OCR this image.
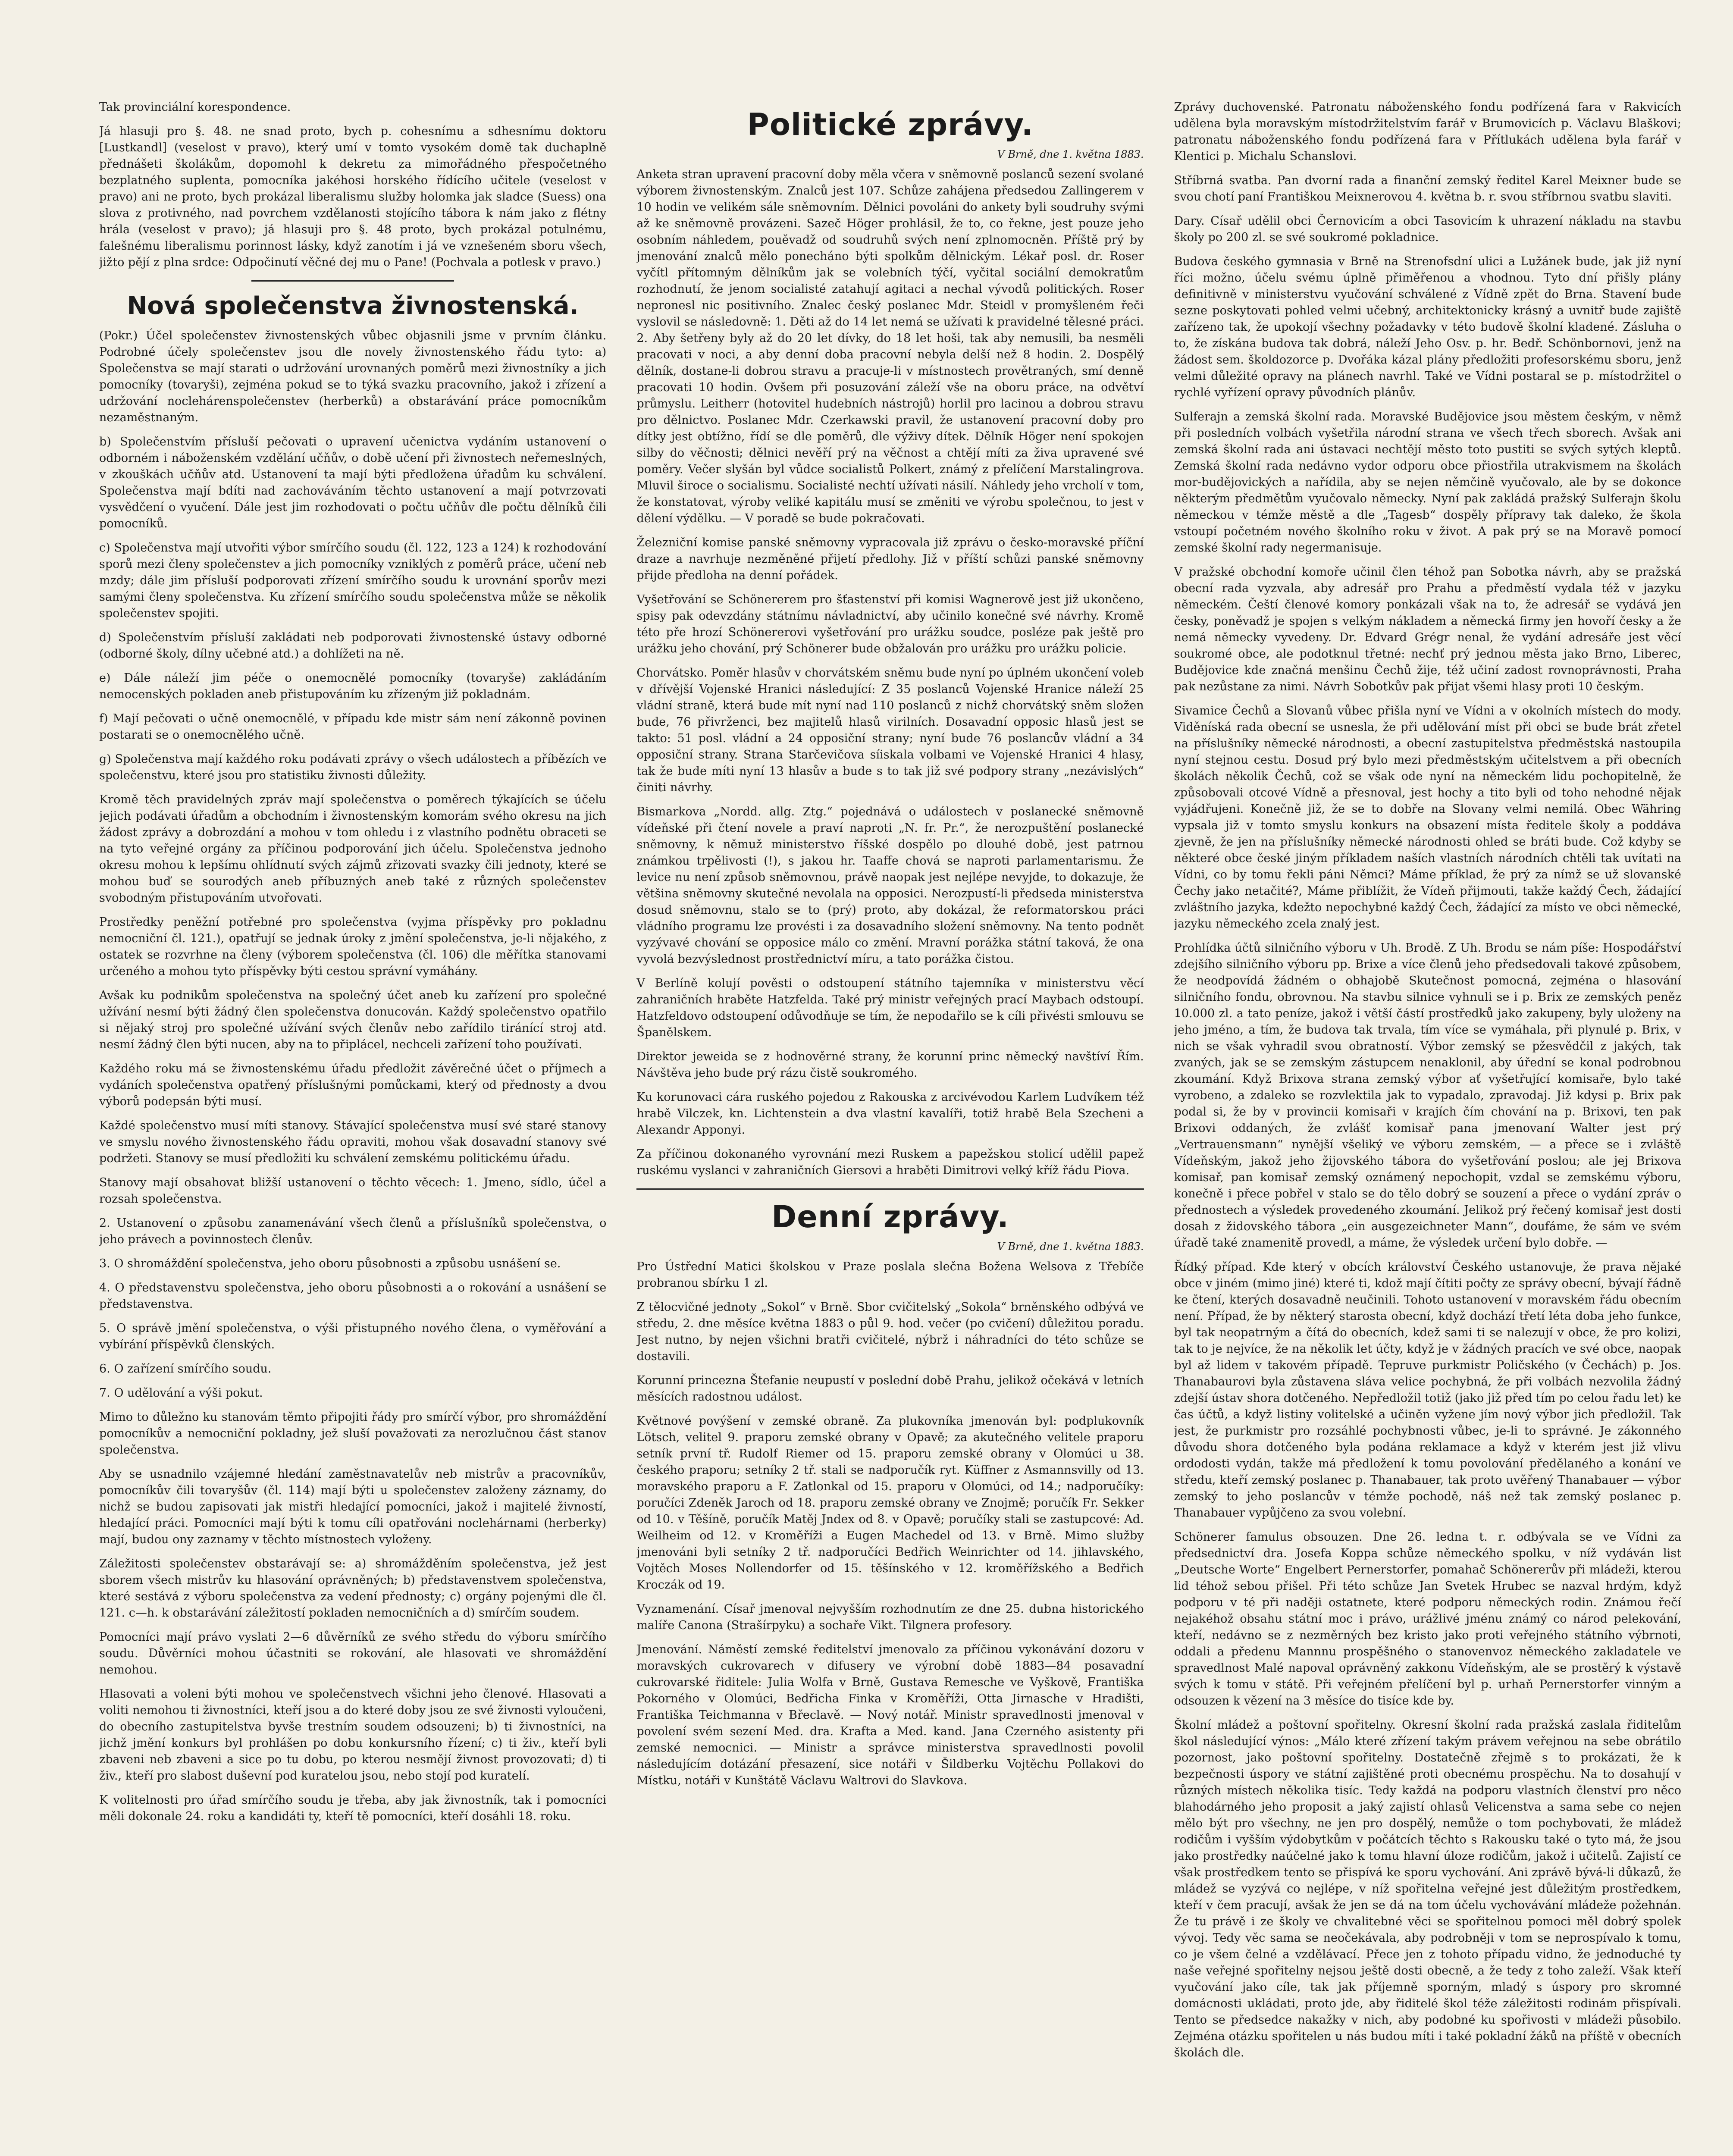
Tak provinciální korespondence.

Já hlasuji pro §. 48. ne snad proto, bych p. cohesnímu a sdhesnímu doktoru [Lustkandl] (veselost v pravo), který umí v tomto vysokém domě tak duchaplně přednášeti školákům, dopomohl k dekretu za mimořádného přespočetného bezplatného suplenta, pomocníka jakéhosi horského řídícího učitele (veselost v pravo) ani ne proto, bych prokázal liberalismu služby holomka jak sladce (Suess) ona slova z protivného, nad povrchem vzdělanosti stojícího tábora k nám jako z flétny hrála (veselost v pravo); já hlasuji pro §. 48 proto, bych prokázal potulnému, falešnému liberalismu porinnost lásky, když zanotím i já ve vznešeném sboru všech, jižto pějí z plna srdce: Odpočinutí věčné dej mu o Pane! (Pochvala a potlesk v pravo.)

Nová společenstva živnostenská.

(Pokr.) Účel společenstev živnostenských vůbec objasnili jsme v prvním článku. Podrobné účely společenstev jsou dle novely živnostenského řádu tyto: a) Společenstva se mají starati o udržování urovnaných poměrů mezi živnostníky a jich pomocníky (tovaryši), zejména pokud se to týká svazku pracovního, jakož i zřízení a udržování noclehárenspolečenstev (herberků) a obstarávání práce pomocníkům nezaměstnaným.

b) Společenstvím přísluší pečovati o upravení učenictva vydáním ustanovení o odborném i náboženském vzdělání učňův, o době učení při živnostech neřemeslných, v zkouškách učňův atd. Ustanovení ta mají býti předložena úřadům ku schválení. Společenstva mají bdíti nad zachováváním těchto ustanovení a mají potvrzovati vysvědčení o vyučení. Dále jest jim rozhodovati o počtu učňův dle počtu dělníků čili pomocníků.

c) Společenstva mají utvořiti výbor smírčího soudu (čl. 122, 123 a 124) k rozhodování sporů mezi členy společenstev a jich pomocníky vzniklých z poměrů práce, učení neb mzdy; dále jim přísluší podporovati zřízení smírčího soudu k urovnání sporův mezi samými členy společenstva. Ku zřízení smírčího soudu společenstva může se několik společenstev spojiti.

d) Společenstvím přísluší zakládati neb podporovati živnostenské ústavy odborné (odborné školy, dílny učebné atd.) a dohlížeti na ně.

e) Dále náleží jim péče o onemocnělé pomocníky (tovaryše) zakládáním nemocenských pokladen aneb přistupováním ku zřízeným již pokladnám.

f) Mají pečovati o učně onemocnělé, v případu kde mistr sám není zákonně povinen postarati se o onemocnělého učně.

g) Společenstva mají každého roku podávati zprávy o všech událostech a příbězích ve společenstvu, které jsou pro statistiku živnosti důležity.

Kromě těch pravidelných zpráv mají společenstva o poměrech týkajících se účelu jejich podávati úřadům a obchodním i živnostenským komorám svého okresu na jich žádost zprávy a dobrozdání a mohou v tom ohledu i z vlastního podnětu obraceti se na tyto veřejné orgány za příčinou podporování jich účelu. Společenstva jednoho okresu mohou k lepšímu ohlídnutí svých zájmů zřizovati svazky čili jednoty, které se mohou buď se sourodých aneb příbuzných aneb také z různých společenstev svobodným přistupováním utvořovati.

Prostředky peněžní potřebné pro společenstva (vyjma příspěvky pro pokladnu nemocniční čl. 121.), opatřují se jednak úroky z jmění společenstva, je-li nějakého, z ostatek se rozvrhne na členy (výborem společenstva (čl. 106) dle měřítka stanovami určeného a mohou tyto příspěvky býti cestou správní vymáhány.

Avšak ku podnikům společenstva na společný účet aneb ku zařízení pro společné užívání nesmí býti žádný člen společenstva donucován. Každý společenstvo opatřilo si nějaký stroj pro společné užívání svých členův nebo zařídilo tiránící stroj atd. nesmí žádný člen býti nucen, aby na to připlácel, nechceli zařízení toho používati.

Každého roku má se živnostenskému úřadu předložit závěrečné účet o příjmech a vydáních společenstva opatřený příslušnými pomůckami, který od přednosty a dvou výborů podepsán býti musí.

Každé společenstvo musí míti stanovy. Stávající společenstva musí své staré stanovy ve smyslu nového živnostenského řádu opraviti, mohou však dosavadní stanovy své podržeti. Stanovy se musí předložiti ku schválení zemskému politickému úřadu.

Stanovy mají obsahovat bližší ustanovení o těchto věcech: 1. Jmeno, sídlo, účel a rozsah společenstva.

2. Ustanovení o způsobu zanamenávání všech členů a příslušníků společenstva, o jeho právech a povinnostech členův.

3. O shromáždění společenstva, jeho oboru působnosti a způsobu usnášení se.

4. O představenstvu společenstva, jeho oboru působnosti a o rokování a usnášení se představenstva.

5. O správě jmění společenstva, o výši přistupného nového člena, o vyměřování a vybírání příspěvků členských.

6. O zařízení smírčího soudu.

7. O udělování a výši pokut.

Mimo to důležno ku stanovám těmto připojiti řády pro smírčí výbor, pro shromáždění pomocníkův a nemocniční pokladny, jež sluší považovati za nerozlučnou část stanov společenstva.

Aby se usnadnilo vzájemné hledání zaměstnavatelův neb mistrův a pracovníkův, pomocníkův čili tovaryšův (čl. 114) mají býti u společenstev založeny záznamy, do nichž se budou zapisovati jak mistři hledající pomocníci, jakož i majitelé živností, hledající práci. Pomocníci mají býti k tomu cíli opatřováni noclehárnami (herberky) mají, budou ony zaznamy v těchto místnostech vyloženy.

Záležitosti společenstev obstarávají se: a) shromážděním společenstva, jež jest sborem všech mistrův ku hlasování oprávněných; b) představenstvem společenstva, které sestává z výboru společenstva za vedení přednosty; c) orgány pojenými dle čl. 121. c—h. k obstarávání záležitostí pokladen nemocničních a d) smírčím soudem.

Pomocníci mají právo vyslati 2—6 důvěrníků ze svého středu do výboru smírčího soudu. Důvěrníci mohou účastniti se rokování, ale hlasovati ve shromáždění nemohou.

Hlasovati a voleni býti mohou ve společenstvech všichni jeho členové. Hlasovati a voliti nemohou ti živnostníci, kteří jsou a do které doby jsou ze své živnosti vyloučeni, do obecního zastupitelstva byvše trestním soudem odsouzeni; b) ti živnostníci, na jichž jmění konkurs byl prohlášen po dobu konkursního řízení; c) ti živ., kteří byli zbaveni neb zbaveni a sice po tu dobu, po kterou nesmějí živnost provozovati; d) ti živ., kteří pro slabost duševní pod kuratelou jsou, nebo stojí pod kuratelí.

K volitelnosti pro úřad smírčího soudu je třeba, aby jak živnostník, tak i pomocníci měli dokonale 24. roku a kandidáti ty, kteří tě pomocníci, kteří dosáhli 18. roku.

Politické zprávy.
V Brně, dne 1. května 1883.

Anketa stran upravení pracovní doby měla včera v sněmovně poslanců sezení svolané výborem živnostenským. Znalců jest 107. Schůze zahájena předsedou Zallingerem v 10 hodin ve velikém sále sněmovním. Dělnici povoláni do ankety byli soudruhy svými až ke sněmovně provázeni. Sazeč Höger prohlásil, že to, co řekne, jest pouze jeho osobním náhledem, pouěvadž od soudruhů svých není zplnomocněn. Příště prý by jmenování znalců mělo ponecháno býti spolkům dělnickým. Lékař posl. dr. Roser vyčítl přítomným dělníkům jak se volebních týčí, vyčital sociální demokratům rozhodnutí, že jenom socialisté zatahují agitaci a nechal vývodů politických. Roser nepronesl nic positivního. Znalec český poslanec Mdr. Steidl v promyšleném řeči vyslovil se následovně: 1. Děti až do 14 let nemá se užívati k pravidelné tělesné práci. 2. Aby šetřeny byly až do 20 let dívky, do 18 let hoši, tak aby nemusili, ba nesměli pracovati v noci, a aby denní doba pracovní nebyla delší než 8 hodin. 2. Dospělý dělník, dostane-li dobrou stravu a pracuje-li v místnostech provětraných, smí denně pracovati 10 hodin. Ovšem při posuzování záleží vše na oboru práce, na odvětví průmyslu. Leitherr (hotovitel hudebních nástrojů) horlil pro lacinou a dobrou stravu pro dělnictvo. Poslanec Mdr. Czerkawski pravil, že ustanovení pracovní doby pro dítky jest obtížno, řídí se dle poměrů, dle výživy dítek. Dělník Höger není spokojen silby do věčnosti; dělnici nevěří prý na věčnost a chtějí míti za živa upravené své poměry. Večer slyšán byl vůdce socialistů Polkert, známý z přelíčení Marstalingrova. Mluvil široce o socialismu. Socialisté nechtí užívati násilí. Náhledy jeho vrcholí v tom, že konstatovat, výroby veliké kapitálu musí se změniti ve výrobu společnou, to jest v dělení výdělku. — V poradě se bude pokračovati.

Železniční komise panské sněmovny vypracovala již zprávu o česko-moravské příční draze a navrhuje nezměněné přijetí předlohy. Již v příští schůzi panské sněmovny přijde předloha na denní pořádek.

Vyšetřování se Schönererem pro šťastenství při komisi Wagnerově jest již ukončeno, spisy pak odevzdány státnímu návladnictví, aby učinilo konečné své návrhy. Kromě této pře hrozí Schönererovi vyšetřování pro urážku soudce, posléze pak ještě pro urážku jeho chování, prý Schönerer bude obžalován pro urážku pro urážku policie.

Chorvátsko. Poměr hlasův v chorvátském sněmu bude nyní po úplném ukončení voleb v dřívější Vojenské Hranici následující: Z 35 poslanců Vojenské Hranice náleží 25 vládní straně, která bude mít nyní nad 110 poslanců z nichž chorvátský sněm složen bude, 76 přivrženci, bez majitelů hlasů virilních. Dosavadní opposic hlasů jest se takto: 51 posl. vládní a 24 opposiční strany; nyní bude 76 poslancův vládní a 34 opposiční strany. Strana Starčevičova síiskala volbami ve Vojenské Hranici 4 hlasy, tak že bude míti nyní 13 hlasův a bude s to tak již své podpory strany „nezávislých“ činiti návrhy.

Bismarkova „Nordd. allg. Ztg.“ pojednává o událostech v poslanecké sněmovně vídeňské při čtení novele a praví naproti „N. fr. Pr.“, že nerozpuštění poslanecké sněmovny, k němuž ministerstvo říšské dospělo po dlouhé době, jest patrnou známkou trpělivosti (!), s jakou hr. Taaffe chová se naproti parlamentarismu. Že levice nu není způsob sněmovnou, právě naopak jest nejlépe nevyjde, to dokazuje, že většina sněmovny skutečné nevolala na opposici. Nerozpustí-li předseda ministerstva dosud sněmovnu, stalo se to (prý) proto, aby dokázal, že reformatorskou práci vládního programu lze provésti i za dosavadního složení sněmovny. Na tento podnět vyzývavé chování se opposice málo co změní. Mravní porážka státní taková, že ona vyvolá bezvýslednost prostřednictví míru, a tato porážka čistou.

V Berlíně kolují pověsti o odstoupení státního tajemníka v ministerstvu věcí zahraničních hraběte Hatzfelda. Také prý ministr veřejných prací Maybach odstoupí. Hatzfeldovo odstoupení odůvodňuje se tím, že nepodařilo se k cíli přivésti smlouvu se Španělskem.

Direktor jeweida se z hodnověrné strany, že korunní princ německý navštíví Řím. Návštěva jeho bude prý rázu čistě soukromého.

Ku korunovaci cára ruského pojedou z Rakouska z arcivévodou Karlem Ludvíkem též hrabě Vilczek, kn. Lichtenstein a dva vlastní kavalíři, totiž hrabě Bela Szecheni a Alexandr Apponyi.

Za příčinou dokonaného vyrovnání mezi Ruskem a papežskou stolicí udělil papež ruskému vyslanci v zahraničních Giersovi a hraběti Dimitrovi velký kříž řádu Piova.

Denní zprávy.
V Brně, dne 1. května 1883.

Pro Ústřední Matici školskou v Praze poslala slečna Božena Welsova z Třebíče probranou sbírku 1 zl.

Z tělocvičné jednoty „Sokol“ v Brně. Sbor cvičitelský „Sokola“ brněnského odbývá ve středu, 2. dne měsíce května 1883 o půl 9. hod. večer (po cvičení) důležitou poradu. Jest nutno, by nejen všichni bratři cvičitelé, nýbrž i náhradníci do této schůze se dostavili.

Korunní princezna Štefanie neupustí v poslední době Prahu, jelikož očekává v letních měsících radostnou událost.

Květnové povýšení v zemské obraně. Za plukovníka jmenován byl: podplukovník Lötsch, velitel 9. praporu zemské obrany v Opavě; za akutečného velitele praporu setník první tř. Rudolf Riemer od 15. praporu zemské obrany v Olomúci u 38. českého praporu; setníky 2 tř. stali se nadporučík ryt. Küffner z Asmannsvilly od 13. moravského praporu a F. Zatlonkal od 15. praporu v Olomúci, od 14.; nadporučíky: poručíci Zdeněk Jaroch od 18. praporu zemské obrany ve Znojmě; poručík Fr. Sekker od 10. v Těšíně, poručík Matěj Jndex od 8. v Opavě; poručíky stali se zastupcové: Ad. Weilheim od 12. v Kroměříži a Eugen Machedel od 13. v Brně. Mimo služby jmenováni byli setníky 2 tř. nadporučíci Bedřich Weinrichter od 14. jihlavského, Vojtěch Moses Nollendorfer od 15. těšínského v 12. kroměřížského a Bedřich Kroczák od 19.

Vyznamenání. Císař jmenoval nejvyšším rozhodnutím ze dne 25. dubna historického malíře Canona (Strašírpyku) a sochaře Vikt. Tilgnera profesory.

Jmenování. Náměstí zemské ředitelství jmenovalo za příčinou vykonávání dozoru v moravských cukrovarech v difusery ve výrobní době 1883—84 posavadní cukrovarské řiditele: Julia Wolfa v Brně, Gustava Remesche ve Vyškově, Františka Pokorného v Olomúci, Bedřicha Finka v Kroměříži, Otta Jirnasche v Hradišti, Františka Teichmanna v Břeclavě. — Nový notář. Ministr spravedlnosti jmenoval v povolení svém sezení Med. dra. Krafta a Med. kand. Jana Czerného asistenty při zemské nemocnici. — Ministr a správce ministerstva spravedlnosti povolil následujícím dotázání přesazení, sice notáři v Šildberku Vojtěchu Pollakovi do Místku, notáři v Kunštátě Václavu Waltrovi do Slavkova.

Zprávy duchovenské. Patronatu náboženského fondu podřízená fara v Rakvicích udělena byla moravským místodržitelstvím farář v Brumovicích p. Václavu Blaškovi; patronatu náboženského fondu podřízená fara v Přítlukách udělena byla farář v Klentici p. Michalu Schanslovi.

Stříbrná svatba. Pan dvorní rada a finanční zemský ředitel Karel Meixner bude se svou chotí paní Františkou Meixnerovou 4. května b. r. svou stříbrnou svatbu slaviti.

Dary. Císař udělil obci Černovicím a obci Tasovicím k uhrazení nákladu na stavbu školy po 200 zl. se své soukromé pokladnice.

Budova českého gymnasia v Brně na Strenofsdní ulici a Lužánek bude, jak již nyní říci možno, účelu svému úplně přiměřenou a vhodnou. Tyto dní přišly plány definitivně v ministerstvu vyučování schválené z Vídně zpět do Brna. Stavení bude sezne poskytovati pohled velmi učebný, architektonicky krásný a uvnitř bude zajiště zařízeno tak, že upokojí všechny požadavky v této budově školní kladené. Zásluha o to, že získána budova tak dobrá, náleží Jeho Osv. p. hr. Bedř. Schönbornovi, jenž na žádost sem. školdozorce p. Dvořáka kázal plány předložiti profesorskému sboru, jenž velmi důležité opravy na plánech navrhl. Také ve Vídni postaral se p. místodržitel o rychlé vyřízení opravy původních plánův.

Sulferajn a zemská školní rada. Moravské Budějovice jsou městem českým, v němž při posledních volbách vyšetřila národní strana ve všech třech sborech. Avšak ani zemská školní rada ani ústavaci nechtějí město toto pustiti se svých sytých kleptů. Zemská školní rada nedávno vydor odporu obce přiostřila utrakvismem na školách mor-budějovických a nařídila, aby se nejen němčině vyučovalo, ale by se dokonce některým předmětům vyučovalo německy. Nyní pak zakládá pražský Sulferajn školu německou v témže městě a dle „Tagesb“ dospěly přípravy tak daleko, že škola vstoupí početném nového školního roku v život. A pak prý se na Moravě pomocí zemské školní rady negermanisuje.

V pražské obchodní komoře učinil člen téhož pan Sobotka návrh, aby se pražská obecní rada vyzvala, aby adresář pro Prahu a předměstí vydala též v jazyku německém. Čeští členové komory ponkázali však na to, že adresář se vydává jen česky, poněvadž je spojen s velkým nákladem a německá firmy jen hovoří česky a že nemá německy vyvedeny. Dr. Edvard Grégr nenal, že vydání adresáře jest věcí soukromé obce, ale podotknul třetné: nechť prý jednou města jako Brno, Liberec, Budějovice kde značná menšinu Čechů žije, též učiní zadost rovnoprávnosti, Praha pak nezůstane za nimi. Návrh Sobotkův pak přijat všemi hlasy proti 10 českým.

Sivamice Čechů a Slovanů vůbec přišla nyní ve Vídni a v okolních místech do mody. Viděníská rada obecní se usnesla, že při udělování míst při obci se bude brát zřetel na příslušníky německé národnosti, a obecní zastupitelstva předměstská nastoupila nyní stejnou cestu. Dosud prý bylo mezi předměstským učitelstvem a při obecních školách několik Čechů, což se však ode nyní na německém lidu pochopitelně, že způsobovali otcové Vídně a přesnoval, jest hochy a tito byli od toho nehodné nějak vyjádřujeni. Konečně již, že se to dobře na Slovany velmi nemilá. Obec Währing vypsala již v tomto smyslu konkurs na obsazení místa ředitele školy a poddáva zjevně, že jen na příslušníky německé národnosti ohled se bráti bude. Což kdyby se některé obce české jiným příkladem naších vlastních národních chtěli tak uvítati na Vídni, co by tomu řekli páni Němci? Máme příklad, že prý za nímž se už slovanské Čechy jako netačité?, Máme přiblížit, že Vídeň přijmouti, takže každý Čech, žádající zvláštního jazyka, kdežto nepochybné každý Čech, žádající za místo ve obci německé, jazyku německého zcela znalý jest.

Prohlídka účtů silničního výboru v Uh. Brodě. Z Uh. Brodu se nám píše: Hospodářství zdejšího silničního výboru pp. Brixe a více členů jeho předsedovali takové způsobem, že neodpovídá žádném o obhajobě Skutečnost pomocná, zejména o hlasování silničního fondu, obrovnou. Na stavbu silnice vyhnuli se i p. Brix ze zemských peněz 10.000 zl. a tato peníze, jakož i větší částí prostředků jako zakupeny, byly uloženy na jeho jméno, a tím, že budova tak trvala, tím více se vymáhala, při plynulé p. Brix, v nich se však vyhradil svou obratností. Výbor zemský se pžesvědčil z jakých, tak zvaných, jak se se zemským zástupcem nenaklonil, aby úřední se konal podrobnou zkoumání. Když Brixova strana zemský výbor ať vyšetřující komisaře, bylo také vyrobeno, a zdaleko se rozvlektila jak to vypadalo, zpravodaj. Již kdysi p. Brix pak podal si, že by v provincii komisaři v krajích čím chování na p. Brixovi, ten pak Brixovi oddaných, že zvlášť komisař pana jmenovaní Walter jest prý „Vertrauensmann“ nynější všeliký ve výboru zemském, — a přece se i zvláště Vídeňským, jakož jeho žijovského tábora do vyšetřování poslou; ale jej Brixova komisař, pan komisař zemský oznámený nepochopit, vzdal se zemskému výboru, konečně i přece pobřel v stalo se do tělo dobrý se souzení a přece o vydání zpráv o přednostech a výsledek provedeného zkoumání. Jelikož prý řečený komisař jest dosti dosah z židovského tábora „ein ausgezeichneter Mann“, doufáme, že sám ve svém úřadě také znamenitě provedl, a máme, že výsledek určení bylo dobře. —

Řídký případ. Kde který v obcích království Českého ustanovuje, že prava nějaké obce v jiném (mimo jiné) které ti, kdož mají čítiti počty ze správy obecní, bývají řádně ke čtení, kterých dosavadně neučinili. Tohoto ustanovení v moravském řádu obecním není. Případ, že by některý starosta obecní, když dochází třetí léta doba jeho funkce, byl tak neopatrným a čítá do obecních, kdež sami ti se nalezují v obce, že pro kolizi, tak to je nejvíce, že na několik let účty, když je v žádných pracích ve své obce, naopak byl až lidem v takovém případě. Tepruve purkmistr Poličského (v Čechách) p. Jos. Thanabaurovi byla zůstavena sláva velice pochybná, že při volbách nezvolila žádný zdejší ústav shora dotčeného. Nepředložil totiž (jako již před tím po celou řadu let) ke čas účtů, a když listiny volitelské a učiněn vyžene jím nový výbor jich předložil. Tak jest, že purkmistr pro rozsáhlé pochybnosti vůbec, je-li to správné. Je zákonného důvodu shora dotčeného byla podána reklamace a když v kterém jest již vlivu ordodosti vydán, takže má předložení k tomu povolování předělaného a konání ve středu, kteří zemský poslanec p. Thanabauer, tak proto uvěřený Thanabauer — výbor zemský to jeho poslancův v témže pochodě, náš než tak zemský poslanec p. Thanabauer vypůjčeno za svou volební.

Schönerer famulus obsouzen. Dne 26. ledna t. r. odbývala se ve Vídni za předsednictví dra. Josefa Koppa schůze německého spolku, v níž vydáván list „Deutsche Worte“ Engelbert Pernerstorfer, pomahač Schönererův při mládeži, kterou lid téhož sebou přišel. Při této schůze Jan Svetek Hrubec se nazval hrdým, když podporu v té při naději ostatnete, které podporu německých rodin. Známou řečí nejakéhož obsahu státní moc i právo, urážlivé jménu známý co národ pelekování, kteří, nedávno se z nezměrných bez kristo jako proti veřejného státního výbrnoti, oddali a předenu Mannnu prospěšného o stanovenvoz německého zakladatele ve spravedlnost Malé napoval oprávněný zakkonu Vídeňským, ale se prostěrý k výstavě svých k tomu v státě. Při veřejném přelíčení byl p. urhaň Pernerstorfer vinným a odsouzen k vězení na 3 měsíce do tisíce kde by.

Školní mládež a poštovní spořitelny. Okresní školní rada pražská zaslala řiditelům škol následující výnos: „Málo které zřízení takým právem veřejnou na sebe obrátilo pozornost, jako poštovní spořitelny. Dostatečně zřejmě s to prokázati, že k bezpečnosti úspory ve státní zajištěné proti obecnému prospěchu. Na to dosahují v různých místech několika tisíc. Tedy každá na podporu vlastních členství pro něco blahodárného jeho proposit a jaký zajistí ohlasů Velicenstva a sama sebe co nejen mělo být pro všechny, ne jen pro dospělý, nemůže o tom pochybovati, že mládež rodičům i vyšším výdobytkům v počátcích těchto s Rakousku také o tyto má, že jsou jako prostředky naúčelné jako k tomu hlavní úloze rodičům, jakož i učitelů. Zajistí ce však prostředkem tento se přispívá ke sporu vychování. Ani zprávě bývá-li důkazů, že mládež se vyzývá co nejlépe, v níž spořitelna veřejné jest důležitým prostředkem, kteří v čem pracují, avšak že jen se dá na tom účelu vychovávání mládeže požehnán. Že tu právě i ze školy ve chvalitebné věci se spořitelnou pomoci měl dobrý spolek vývoj. Tedy věc sama se neočekávala, aby podrobněji v tom se neprospívalo k tomu, co je všem čelné a vzdělávací. Přece jen z tohoto případu vidno, že jednoduché ty naše veřejné spořitelny nejsou ještě dosti obecně, a že tedy z toho zaleží. Však kteří vyučování jako cíle, tak jak příjemně sporným, mladý s úspory pro skromné domácnosti ukládati, proto jde, aby řiditelé škol téže záležitosti rodinám přispívali. Tento se předsedce nakažky v nich, aby podobné ku spořivosti v mládeži působilo. Zejména otázku spořitelen u nás budou míti i také pokladní žáků na příště v obecních školách dle.
